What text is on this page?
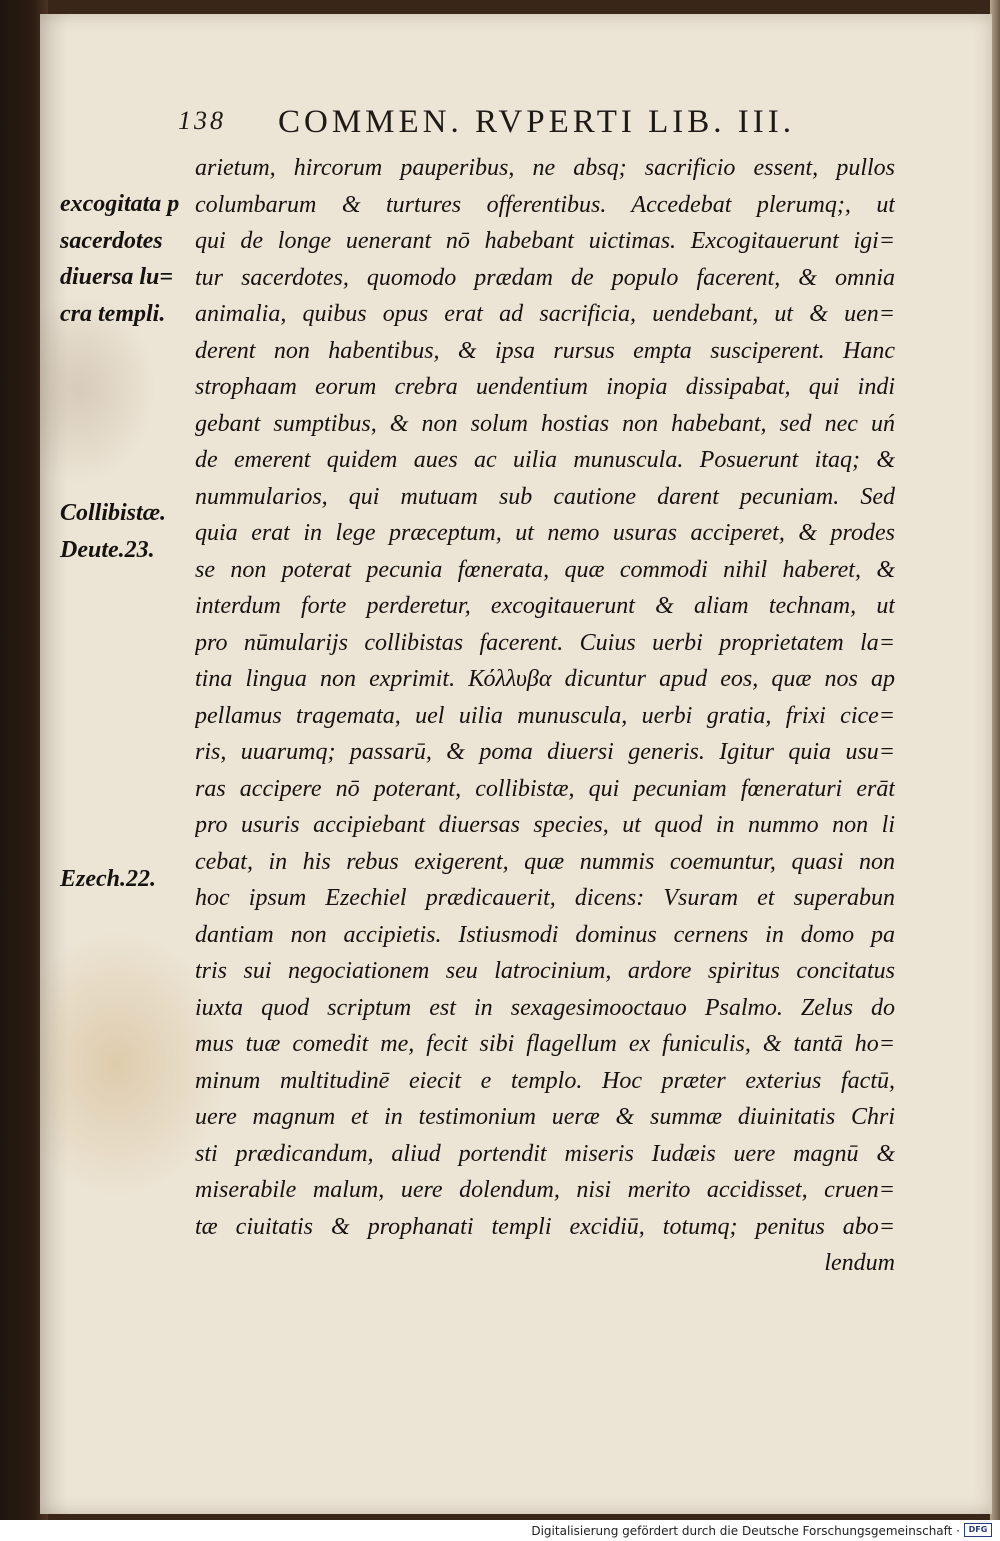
138 COMMEN. RVPERTI LIB. III.
excogitata p
sacerdotes
diuersa lu=
cra templi.
Collibistæ.
Deute.23.
Ezech.22.
arietum, hircorum pauperibus, ne absq; sacrificio essent, pullos
columbarum & turtures offerentibus. Accedebat plerumq;, ut
qui de longe uenerant nō habebant uictimas. Excogitauerunt igi=
tur sacerdotes, quomodo prædam de populo facerent, & omnia
animalia, quibus opus erat ad sacrificia, uendebant, ut & uen=
derent non habentibus, & ipsa rursus empta susciperent. Hanc
strophaam eorum crebra uendentium inopia dissipabat, qui indi
gebant sumptibus, & non solum hostias non habebant, sed nec uń
de emerent quidem aues ac uilia munuscula. Posuerunt itaq; &
nummularios, qui mutuam sub cautione darent pecuniam. Sed
quia erat in lege præceptum, ut nemo usuras acciperet, & prodes
se non poterat pecunia fœnerata, quæ commodi nihil haberet, &
interdum forte perderetur, excogitauerunt & aliam technam, ut
pro nūmularijs collibistas facerent. Cuius uerbi proprietatem la=
tina lingua non exprimit. Κόλλυβα dicuntur apud eos, quæ nos ap
pellamus tragemata, uel uilia munuscula, uerbi gratia, frixi cice=
ris, uuarumq; passarū, & poma diuersi generis. Igitur quia usu=
ras accipere nō poterant, collibistæ, qui pecuniam fœneraturi erāt
pro usuris accipiebant diuersas species, ut quod in nummo non li
cebat, in his rebus exigerent, quæ nummis coemuntur, quasi non
hoc ipsum Ezechiel prædicauerit, dicens: Vsuram et superabun
dantiam non accipietis. Istiusmodi dominus cernens in domo pa
tris sui negociationem seu latrocinium, ardore spiritus concitatus
iuxta quod scriptum est in sexagesimooctauo Psalmo. Zelus do
mus tuæ comedit me, fecit sibi flagellum ex funiculis, & tantā ho=
minum multitudinē eiecit e templo. Hoc præter exterius factū,
uere magnum et in testimonium ueræ & summæ diuinitatis Chri
sti prædicandum, aliud portendit miseris Iudæis uere magnū &
miserabile malum, uere dolendum, nisi merito accidisset, cruen=
tæ ciuitatis & prophanati templi excidiū, totumq; penitus abo=
lendum
Digitalisierung gefördert durch die Deutsche Forschungsgemeinschaft ·	DFG
